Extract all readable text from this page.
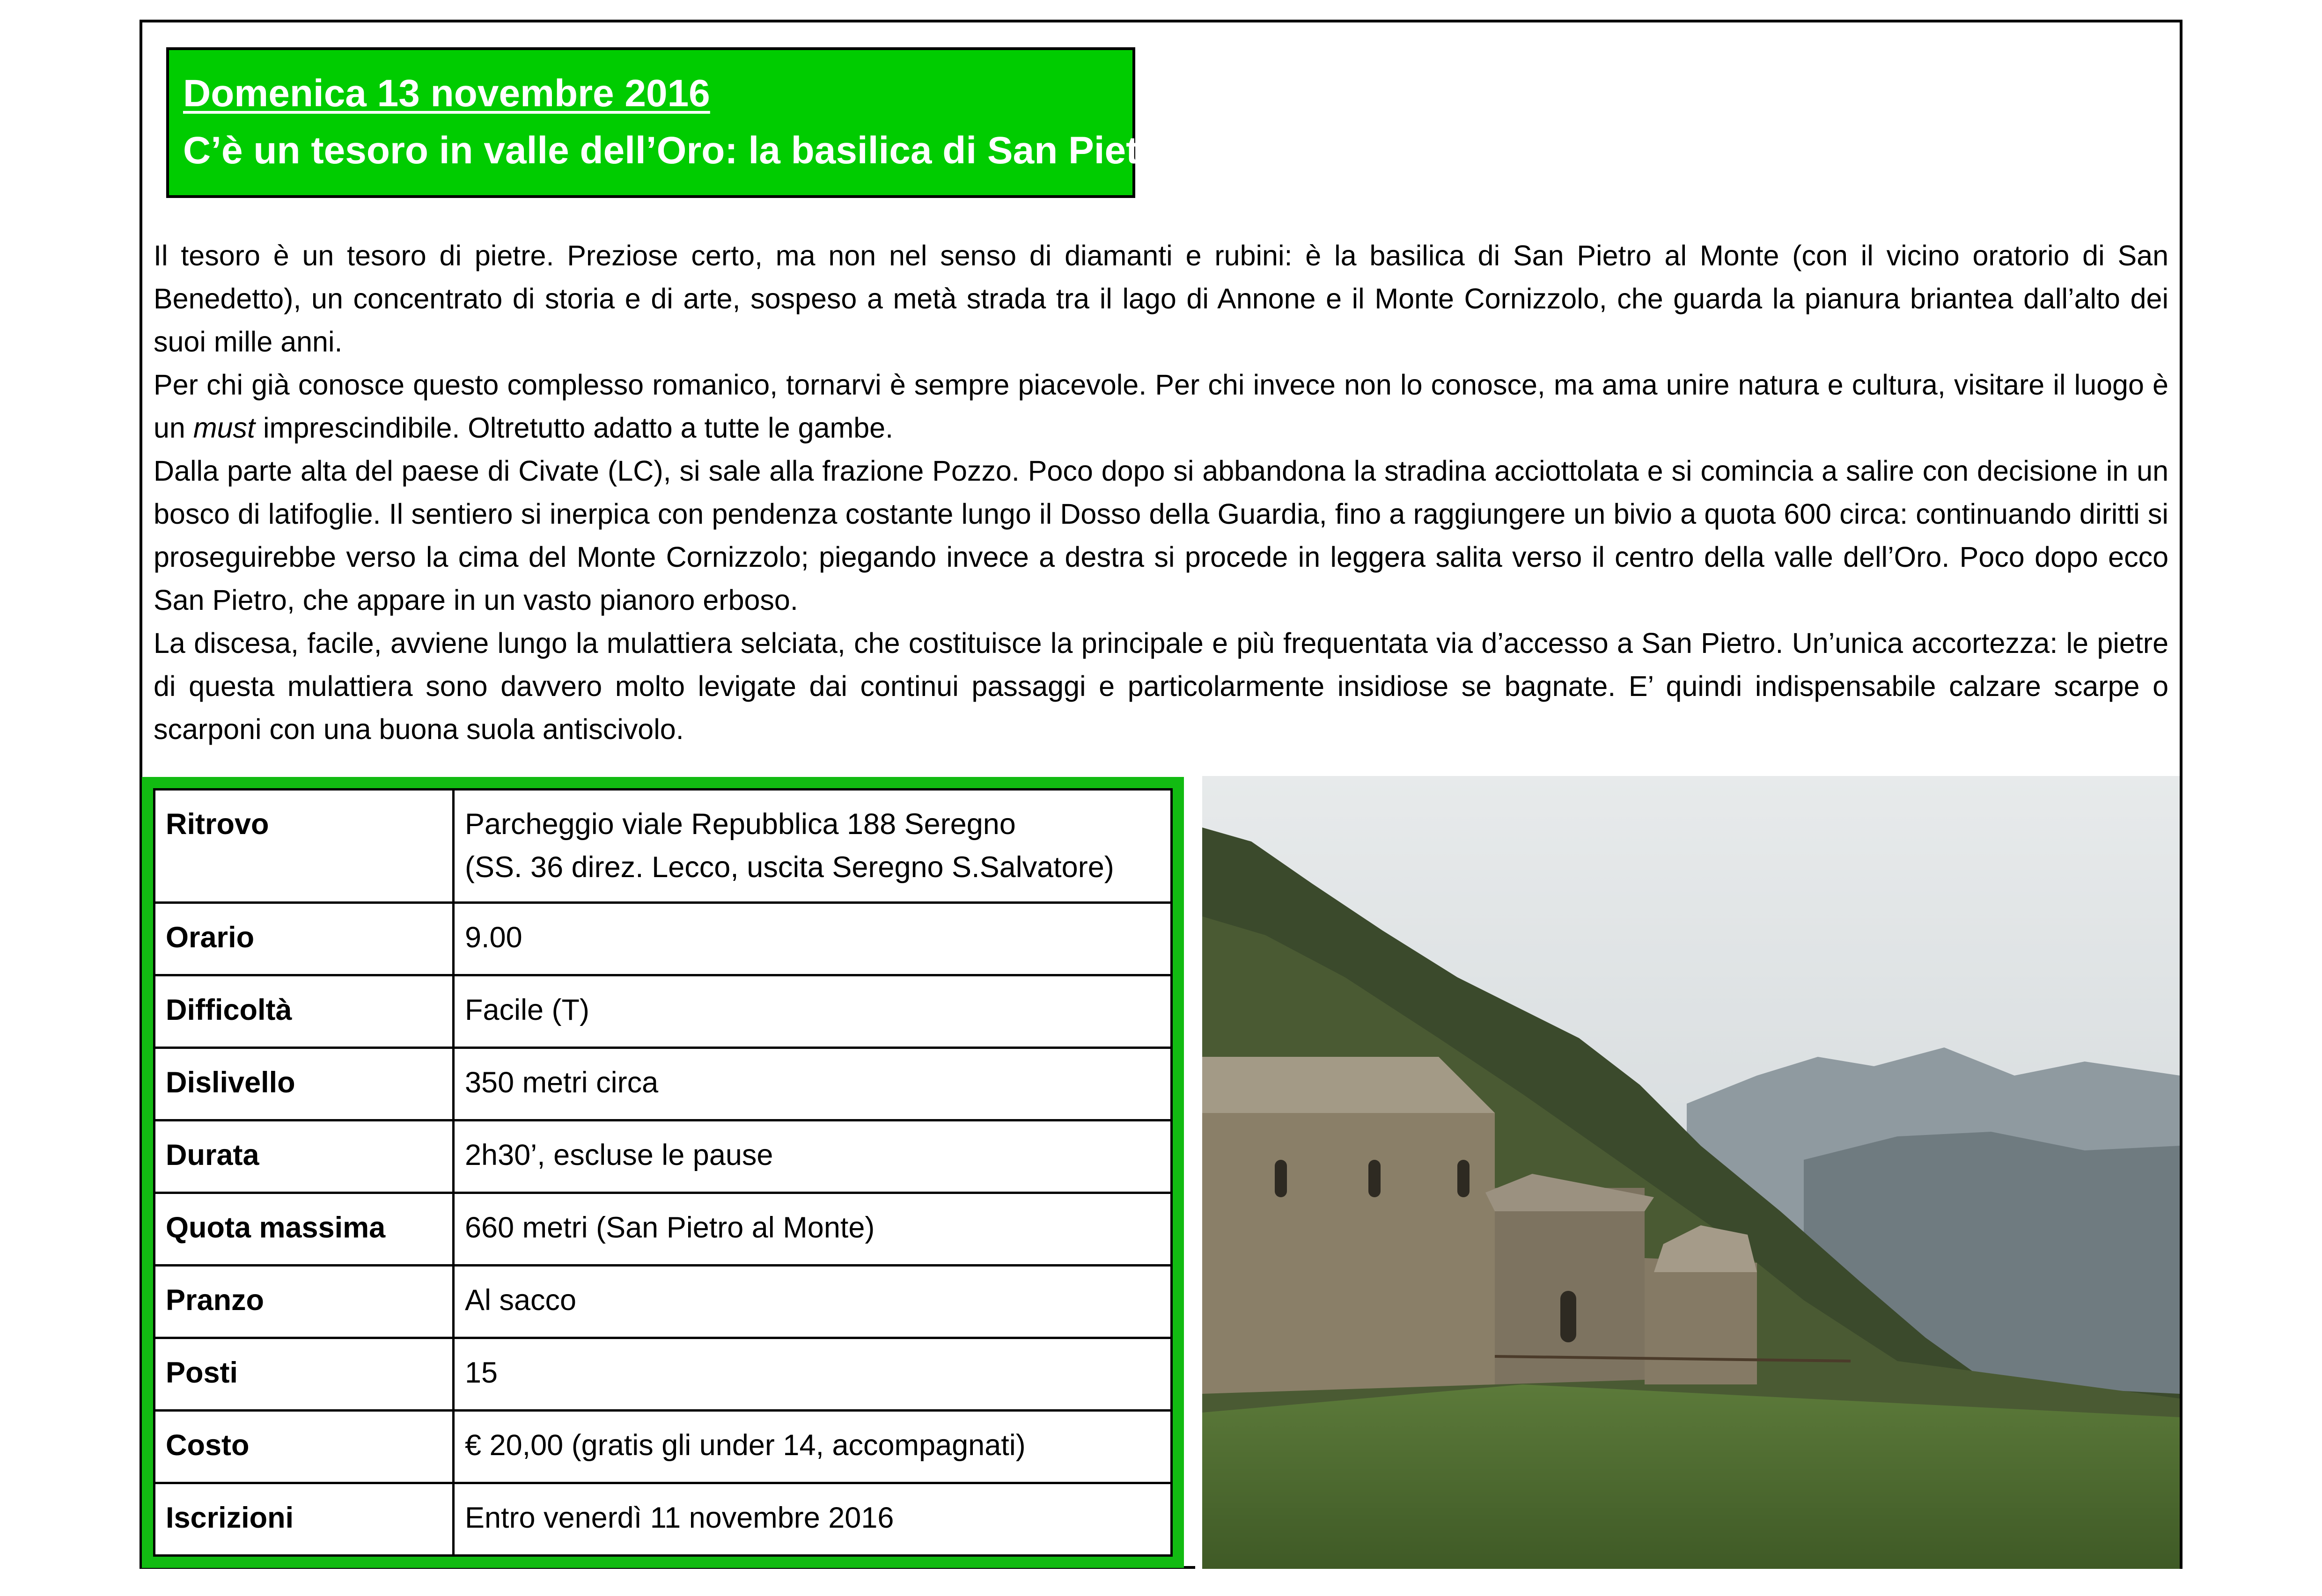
Domenica 13 novembre 2016
C’è un tesoro in valle dell’Oro: la basilica di San Pietro al Monte (Lecco)

Il tesoro è un tesoro di pietre. Preziose certo, ma non nel senso di diamanti e rubini: è la basilica di San Pietro al Monte (con il vicino oratorio di San Benedetto), un concentrato di storia e di arte, sospeso a metà strada tra il lago di Annone e il Monte Cornizzolo, che guarda la pianura briantea dall’alto dei suoi mille anni.

Per chi già conosce questo complesso romanico, tornarvi è sempre piacevole. Per chi invece non lo conosce, ma ama unire natura e cultura, visitare il luogo è un must imprescindibile. Oltretutto adatto a tutte le gambe.

Dalla parte alta del paese di Civate (LC), si sale alla frazione Pozzo. Poco dopo si abbandona la stradina acciottolata e si comincia a salire con decisione in un bosco di latifoglie. Il sentiero si inerpica con pendenza costante lungo il Dosso della Guardia, fino a raggiungere un bivio a quota 600 circa: continuando diritti si proseguirebbe verso la cima del Monte Cornizzolo; piegando invece a destra si procede in leggera salita verso il centro della valle dell’Oro. Poco dopo ecco San Pietro, che appare in un vasto pianoro erboso.

La discesa, facile, avviene lungo la mulattiera selciata, che costituisce la principale e più frequentata via d’accesso a San Pietro. Un’unica accortezza: le pietre di questa mulattiera sono davvero molto levigate dai continui passaggi e particolarmente insidiose se bagnate. E’ quindi indispensabile calzare scarpe o scarponi con una buona suola antiscivolo.

Ritrovo	Parcheggio viale Repubblica 188 Seregno
(SS. 36 direz. Lecco, uscita Seregno S.Salvatore)

Orario	9.00
Difficoltà	Facile (T)
Dislivello	350 metri circa
Durata	2h30’, escluse le pause
Quota massima	660 metri (San Pietro al Monte)
Pranzo	Al sacco
Posti	15
Costo	€ 20,00 (gratis gli under 14, accompagnati)
Iscrizioni	Entro venerdì 11 novembre 2016
